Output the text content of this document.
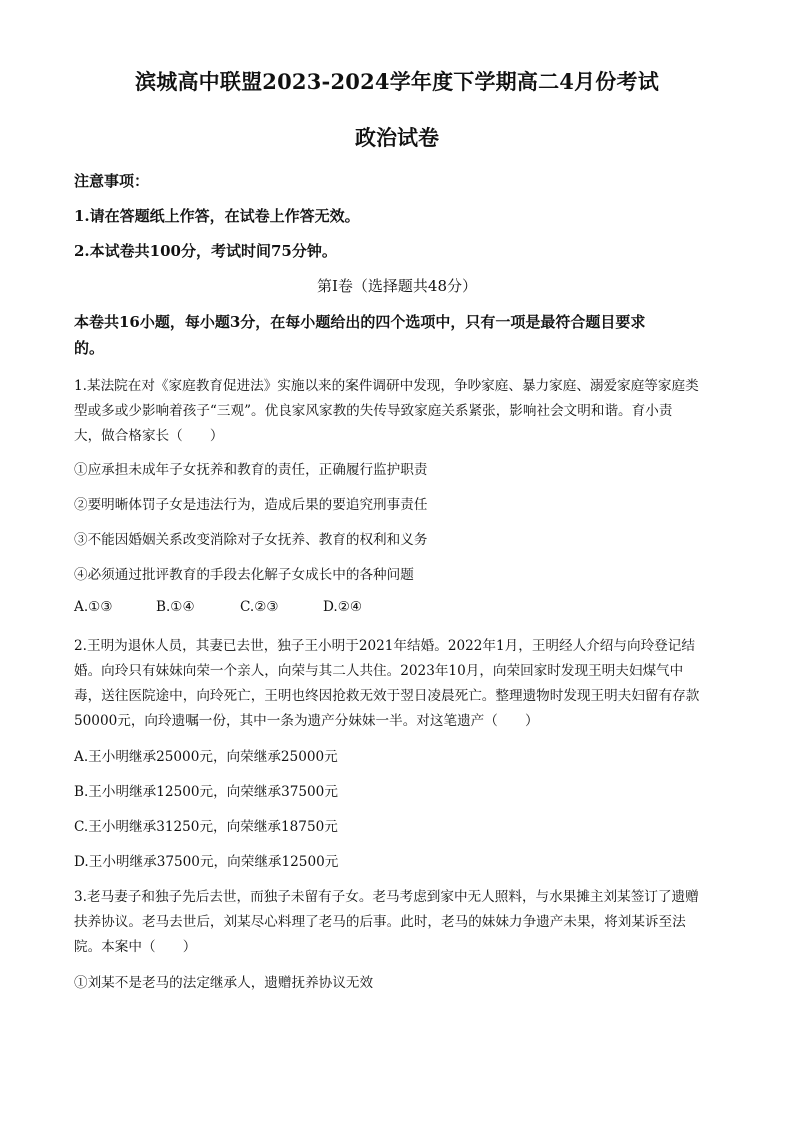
滨城高中联盟2023-2024学年度下学期高二4月份考试
政治试卷
注意事项：
1.请在答题纸上作答，在试卷上作答无效。
2.本试卷共100分，考试时间75分钟。
第Ⅰ卷（选择题共48分）
本卷共16小题，每小题3分，在每小题给出的四个选项中，只有一项是最符合题目要求
的。
1.某法院在对《家庭教育促进法》实施以来的案件调研中发现，争吵家庭、暴力家庭、溺爱家庭等家庭类
型或多或少影响着孩子“三观”。优良家风家教的失传导致家庭关系紧张，影响社会文明和谐。育小责
大，做合格家长（　　）
①应承担未成年子女抚养和教育的责任，正确履行监护职责
②要明晰体罚子女是违法行为，造成后果的要追究刑事责任
③不能因婚姻关系改变消除对子女抚养、教育的权利和义务
④必须通过批评教育的手段去化解子女成长中的各种问题
A.①③	B.①④	C.②③	D.②④
2.王明为退休人员，其妻已去世，独子王小明于2021年结婚。2022年1月，王明经人介绍与向玲登记结
婚。向玲只有妹妹向荣一个亲人，向荣与其二人共住。2023年10月，向荣回家时发现王明夫妇煤气中
毒，送往医院途中，向玲死亡，王明也终因抢救无效于翌日凌晨死亡。整理遗物时发现王明夫妇留有存款
50000元，向玲遗嘱一份，其中一条为遗产分妹妹一半。对这笔遗产（　　）
A.王小明继承25000元，向荣继承25000元
B.王小明继承12500元，向荣继承37500元
C.王小明继承31250元，向荣继承18750元
D.王小明继承37500元，向荣继承12500元
3.老马妻子和独子先后去世，而独子未留有子女。老马考虑到家中无人照料，与水果摊主刘某签订了遗赠
扶养协议。老马去世后，刘某尽心料理了老马的后事。此时，老马的妹妹力争遗产未果，将刘某诉至法
院。本案中（　　）
①刘某不是老马的法定继承人，遗赠抚养协议无效
